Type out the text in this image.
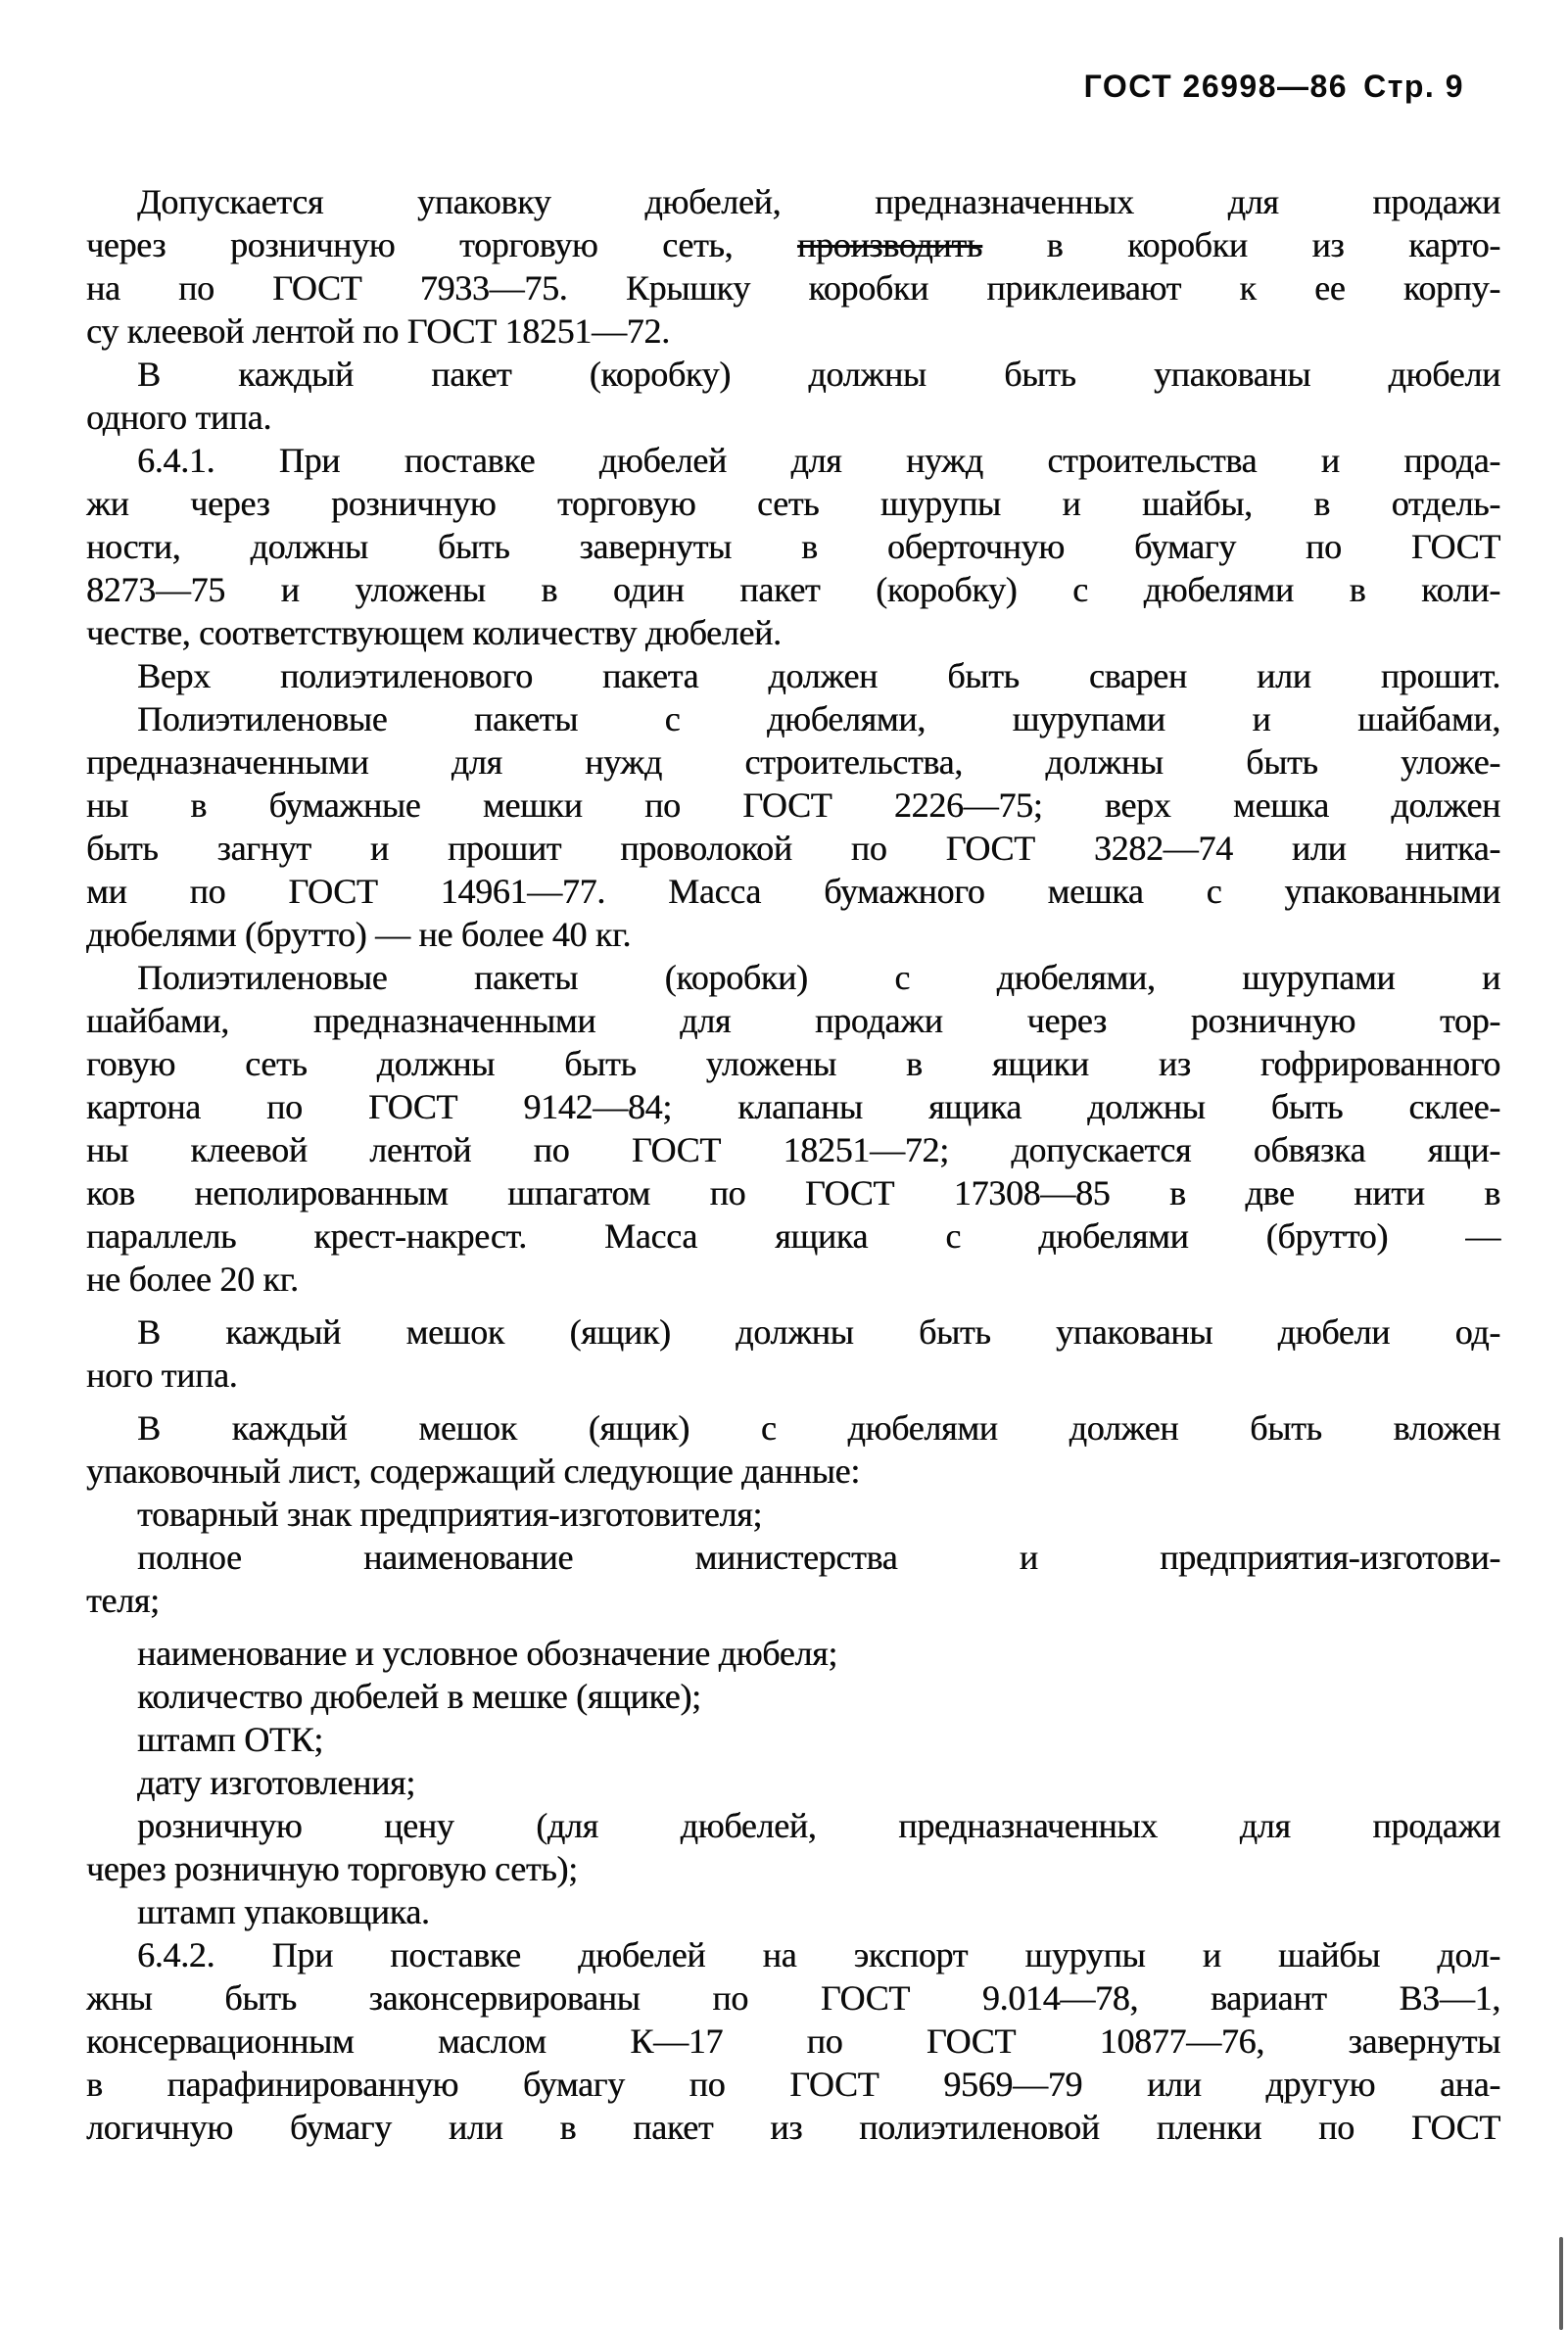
ГОСТ 26998—86 Стр. 9
Допускается упаковку дюбелей, предназначенных для продажи
через розничную торговую сеть, производить в коробки из карто-
на по ГОСТ 7933—75. Крышку коробки приклеивают к ее корпу-
су клеевой лентой по ГОСТ 18251—72.
В каждый пакет (коробку) должны быть упакованы дюбели
одного типа.
6.4.1. При поставке дюбелей для нужд строительства и прода-
жи через розничную торговую сеть шурупы и шайбы, в отдель-
ности, должны быть завернуты в оберточную бумагу по ГОСТ
8273—75 и уложены в один пакет (коробку) с дюбелями в коли-
честве, соответствующем количеству дюбелей.
Верх полиэтиленового пакета должен быть сварен или прошит.
Полиэтиленовые пакеты с дюбелями, шурупами и шайбами,
предназначенными для нужд строительства, должны быть уложе-
ны в бумажные мешки по ГОСТ 2226—75; верх мешка должен
быть загнут и прошит проволокой по ГОСТ 3282—74 или нитка-
ми по ГОСТ 14961—77. Масса бумажного мешка с упакованными
дюбелями (брутто) — не более 40 кг.
Полиэтиленовые пакеты (коробки) с дюбелями, шурупами и
шайбами, предназначенными для продажи через розничную тор-
говую сеть должны быть уложены в ящики из гофрированного
картона по ГОСТ 9142—84; клапаны ящика должны быть склее-
ны клеевой лентой по ГОСТ 18251—72; допускается обвязка ящи-
ков неполированным шпагатом по ГОСТ 17308—85 в две нити в
параллель крест-накрест. Масса ящика с дюбелями (брутто) —
не более 20 кг.
В каждый мешок (ящик) должны быть упакованы дюбели од-
ного типа.
В каждый мешок (ящик) с дюбелями должен быть вложен
упаковочный лист, содержащий следующие данные:
товарный знак предприятия-изготовителя;
полное наименование министерства и предприятия-изготови-
теля;
наименование и условное обозначение дюбеля;
количество дюбелей в мешке (ящике);
штамп ОТК;
дату изготовления;
розничную цену (для дюбелей, предназначенных для продажи
через розничную торговую сеть);
штамп упаковщика.
6.4.2. При поставке дюбелей на экспорт шурупы и шайбы дол-
жны быть законсервированы по ГОСТ 9.014—78, вариант ВЗ—1,
консервационным маслом К—17 по ГОСТ 10877—76, завернуты
в парафинированную бумагу по ГОСТ 9569—79 или другую ана-
логичную бумагу или в пакет из полиэтиленовой пленки по ГОСТ
